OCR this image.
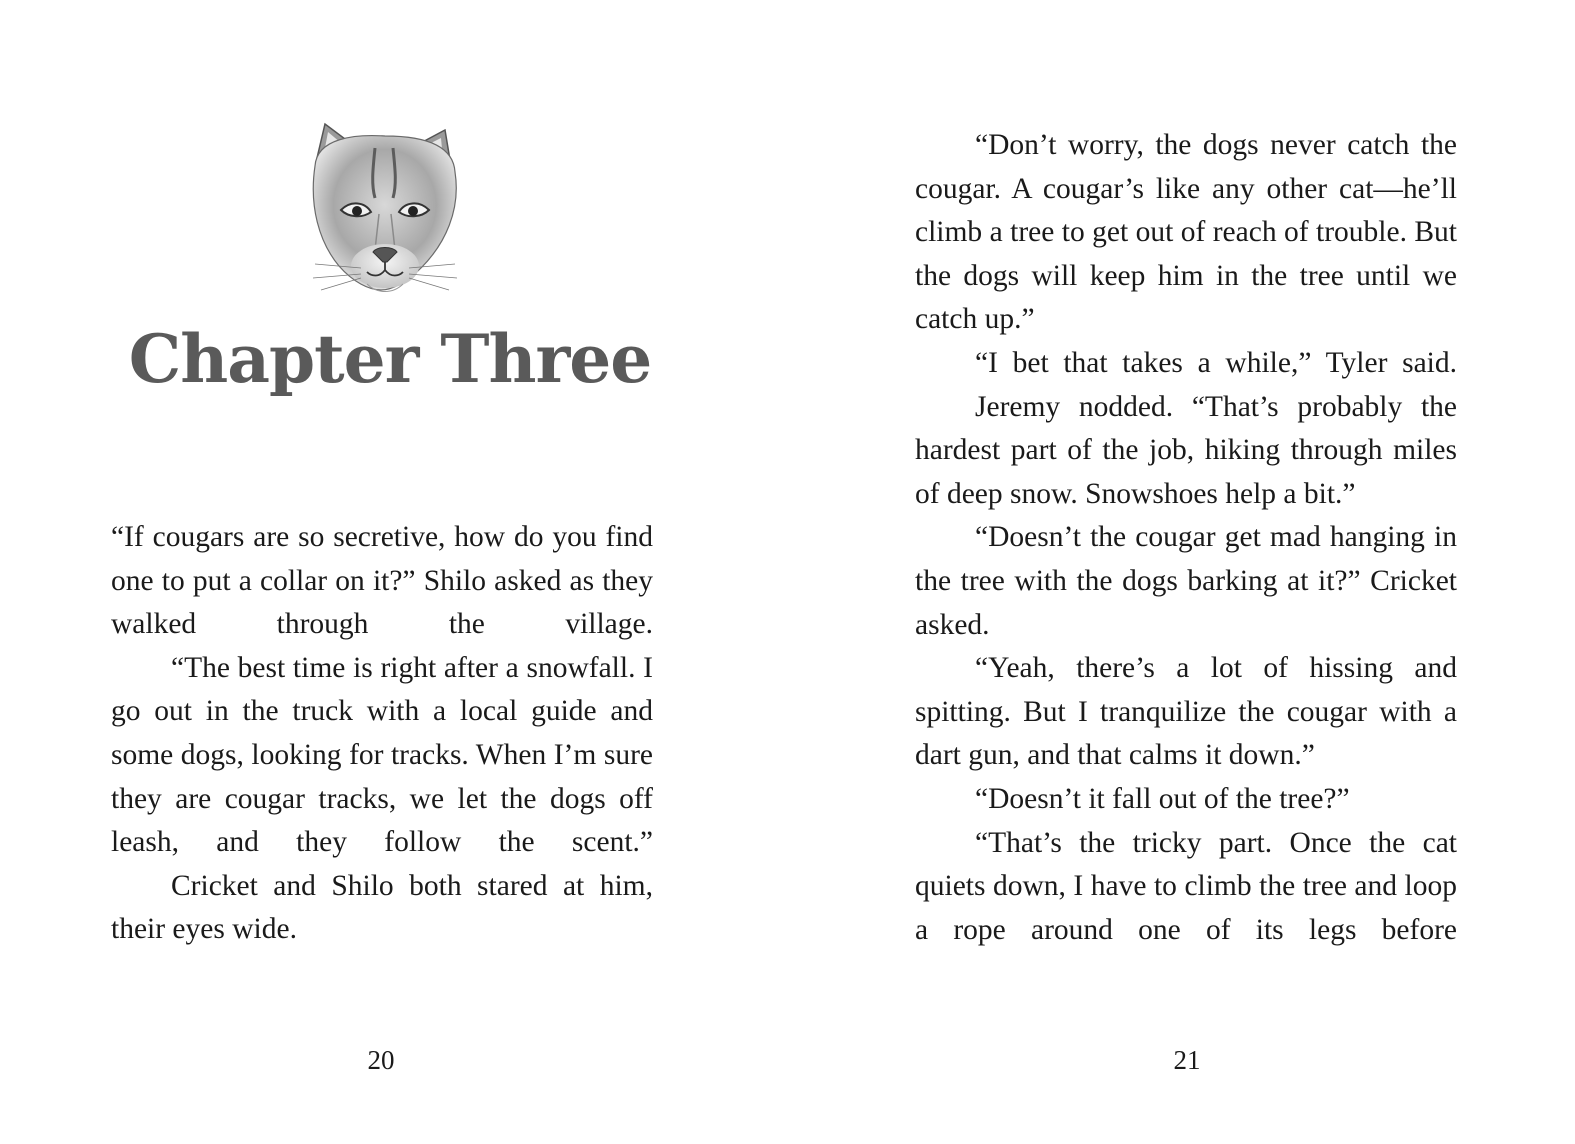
Chapter Three

“If cougars are so secretive, how do you find one to put a collar on it?” Shilo asked as they walked through the village.

“The best time is right after a snowfall. I go out in the truck with a local guide and some dogs, looking for tracks. When I’m sure they are cougar tracks, we let the dogs off leash, and they follow the scent.”

Cricket and Shilo both stared at him, their eyes wide.

20

“Don’t worry, the dogs never catch the cougar. A cougar’s like any other cat—he’ll climb a tree to get out of reach of trouble. But the dogs will keep him in the tree until we catch up.”

“I bet that takes a while,” Tyler said.

Jeremy nodded. “That’s probably the hardest part of the job, hiking through miles of deep snow. Snowshoes help a bit.”

“Doesn’t the cougar get mad hanging in the tree with the dogs barking at it?” Cricket asked.

“Yeah, there’s a lot of hissing and spitting. But I tranquilize the cougar with a dart gun, and that calms it down.”

“Doesn’t it fall out of the tree?”

“That’s the tricky part. Once the cat quiets down, I have to climb the tree and loop a rope around one of its legs before

21
